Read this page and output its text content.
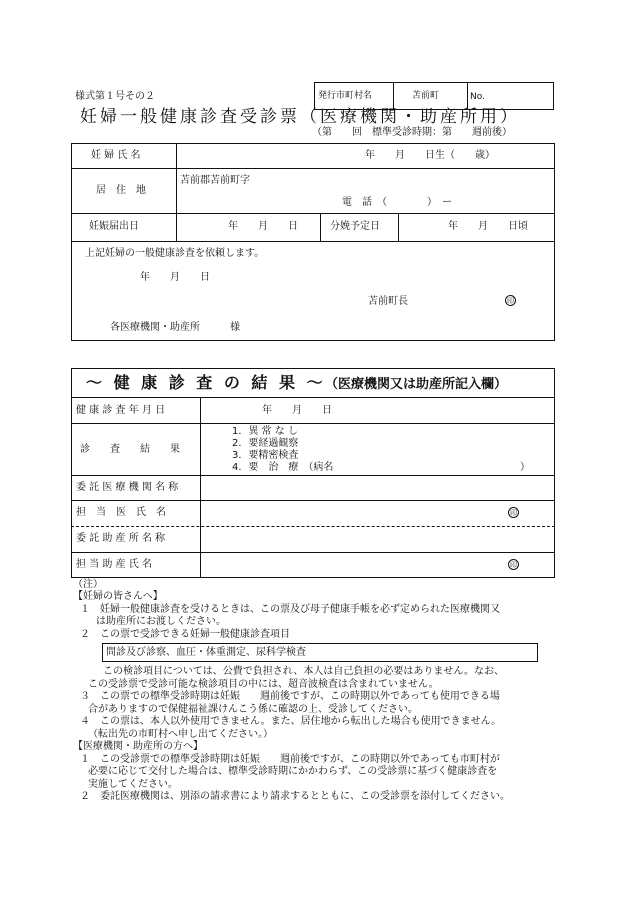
様式第１号その２	発行市町村名	苫前町	No.
妊婦一般健康診査受診票（医療機関・助産所用）
（第　　回　標準受診時期：第　　週前後）
妊 婦 氏 名	年　　月　　日生（　　歳）
居　住　地
苫前郡苫前町字
電　話　（　　　　）　ー
妊娠届出日	年　　月　　日	分娩予定日	年　　月　　日頃
上記妊婦の一般健康診査を依頼します。
年　　月　　日
苫前町長	印
各医療機関・助産所　　　様
～ 健 康 診 査 の 結 果 ～ （医療機関又は助産所記入欄）
健 康 診 査 年 月 日	年　　月　　日
診　　査　　結　　果
1．異 常 な し
2．要経過観察
3．要精密検査
4．要　治　療　（病名	）
委 託 医 療 機 関 名 称
担　当　医　氏　名	印
委 託 助 産 所 名 称
担 当 助 産 氏 名	印
（注）
【妊婦の皆さんへ】
１　妊婦一般健康診査を受けるときは、この票及び母子健康手帳を必ず定められた医療機関又
は助産所にお渡しください。
２　この票で受診できる妊婦一般健康診査項目
問診及び診察、血圧・体重測定、尿科学検査
この検診項目については、公費で負担され、本人は自己負担の必要はありません。なお、
この受診票で受診可能な検診項目の中には、超音波検査は含まれていません。
３　この票での標準受診時期は妊娠　　週前後ですが、この時期以外であっても使用できる場
合がありますので保健福祉課けんこう係に確認の上、受診してください。
４　この票は、本人以外使用できません。また、居住地から転出した場合も使用できません。
（転出先の市町村へ申し出てください。）
【医療機関・助産所の方へ】
１　この受診票での標準受診時期は妊娠　　週前後ですが、この時期以外であっても市町村が
必要に応じて交付した場合は、標準受診時期にかかわらず、この受診票に基づく健康診査を
実施してください。
２　委託医療機関は、別添の請求書により請求するとともに、この受診票を添付してください。
